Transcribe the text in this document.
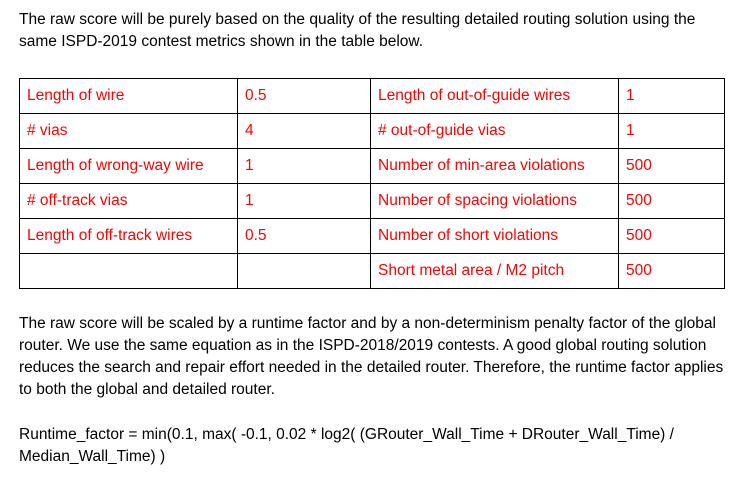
The raw score will be purely based on the quality of the resulting detailed routing solution using the same ISPD-2019 contest metrics shown in the table below.

Length of wire	0.5	Length of out-of-guide wires	1
# vias	4	# out-of-guide vias	1
Length of wrong-way wire	1	Number of min-area violations	500
# off-track vias	1	Number of spacing violations	500
Length of off-track wires	0.5	Number of short violations	500
		Short metal area / M2 pitch	500

The raw score will be scaled by a runtime factor and by a non-determinism penalty factor of the global router. We use the same equation as in the ISPD-2018/2019 contests. A good global routing solution reduces the search and repair effort needed in the detailed router. Therefore, the runtime factor applies to both the global and detailed router.

Runtime_factor = min(0.1, max( -0.1, 0.02 * log2( (GRouter_Wall_Time + DRouter_Wall_Time) / Median_Wall_Time) )
